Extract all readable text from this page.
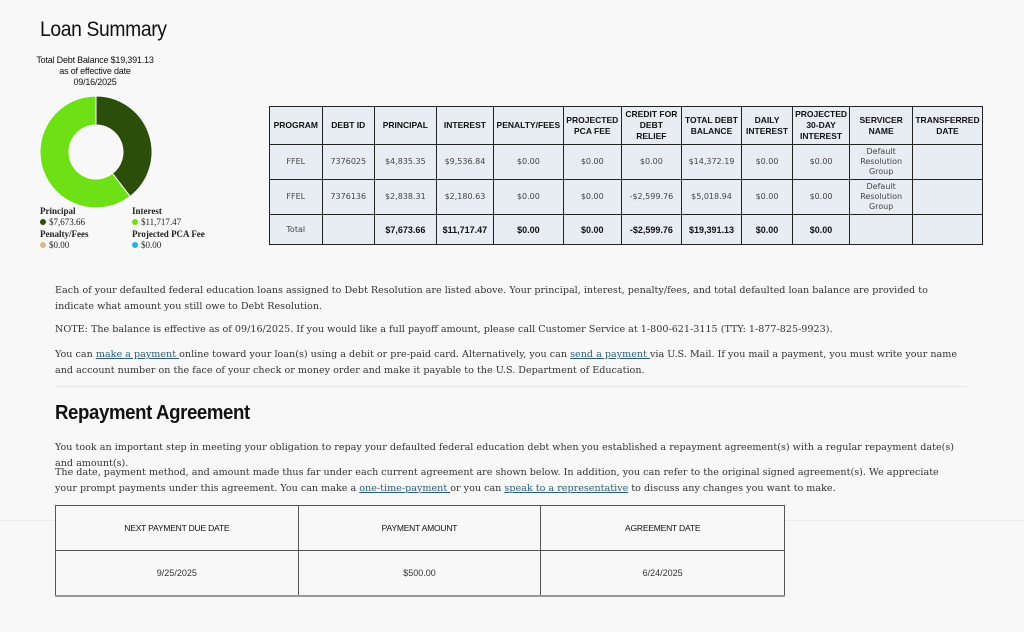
Loan Summary
Total Debt Balance $19,391.13
as of effective date
09/16/2025
Principal
$7,673.66
Interest
$11,717.47
Penalty/Fees
$0.00
Projected PCA Fee
$0.00
PROGRAM	DEBT ID	PRINCIPAL	INTEREST	PENALTY/FEES	PROJECTED PCA FEE	CREDIT FOR DEBT RELIEF	TOTAL DEBT BALANCE	DAILY INTEREST	PROJECTED 30-DAY INTEREST	SERVICER NAME	TRANSFERRED DATE
FFEL	7376025	$4,835.35	$9,536.84	$0.00	$0.00	$0.00	$14,372.19	$0.00	$0.00	Default Resolution Group	
FFEL	7376136	$2,838.31	$2,180.63	$0.00	$0.00	-$2,599.76	$5,018.94	$0.00	$0.00	Default Resolution Group	
Total		$7,673.66	$11,717.47	$0.00	$0.00	-$2,599.76	$19,391.13	$0.00	$0.00		

Each of your defaulted federal education loans assigned to Debt Resolution are listed above. Your principal, interest, penalty/fees, and total defaulted loan balance are provided to indicate what amount you still owe to Debt Resolution.

NOTE: The balance is effective as of 09/16/2025. If you would like a full payoff amount, please call Customer Service at 1-800-621-3115 (TTY: 1-877-825-9923).

You can make a payment online toward your loan(s) using a debit or pre-paid card. Alternatively, you can send a payment via U.S. Mail. If you mail a payment, you must write your name and account number on the face of your check or money order and make it payable to the U.S. Department of Education.

Repayment Agreement

You took an important step in meeting your obligation to repay your defaulted federal education debt when you established a repayment agreement(s) with a regular repayment date(s) and amount(s).

The date, payment method, and amount made thus far under each current agreement are shown below. In addition, you can refer to the original signed agreement(s). We appreciate your prompt payments under this agreement. You can make a one-time-payment or you can speak to a representative to discuss any changes you want to make.

NEXT PAYMENT DUE DATE	PAYMENT AMOUNT	AGREEMENT DATE
9/25/2025	$500.00	6/24/2025
